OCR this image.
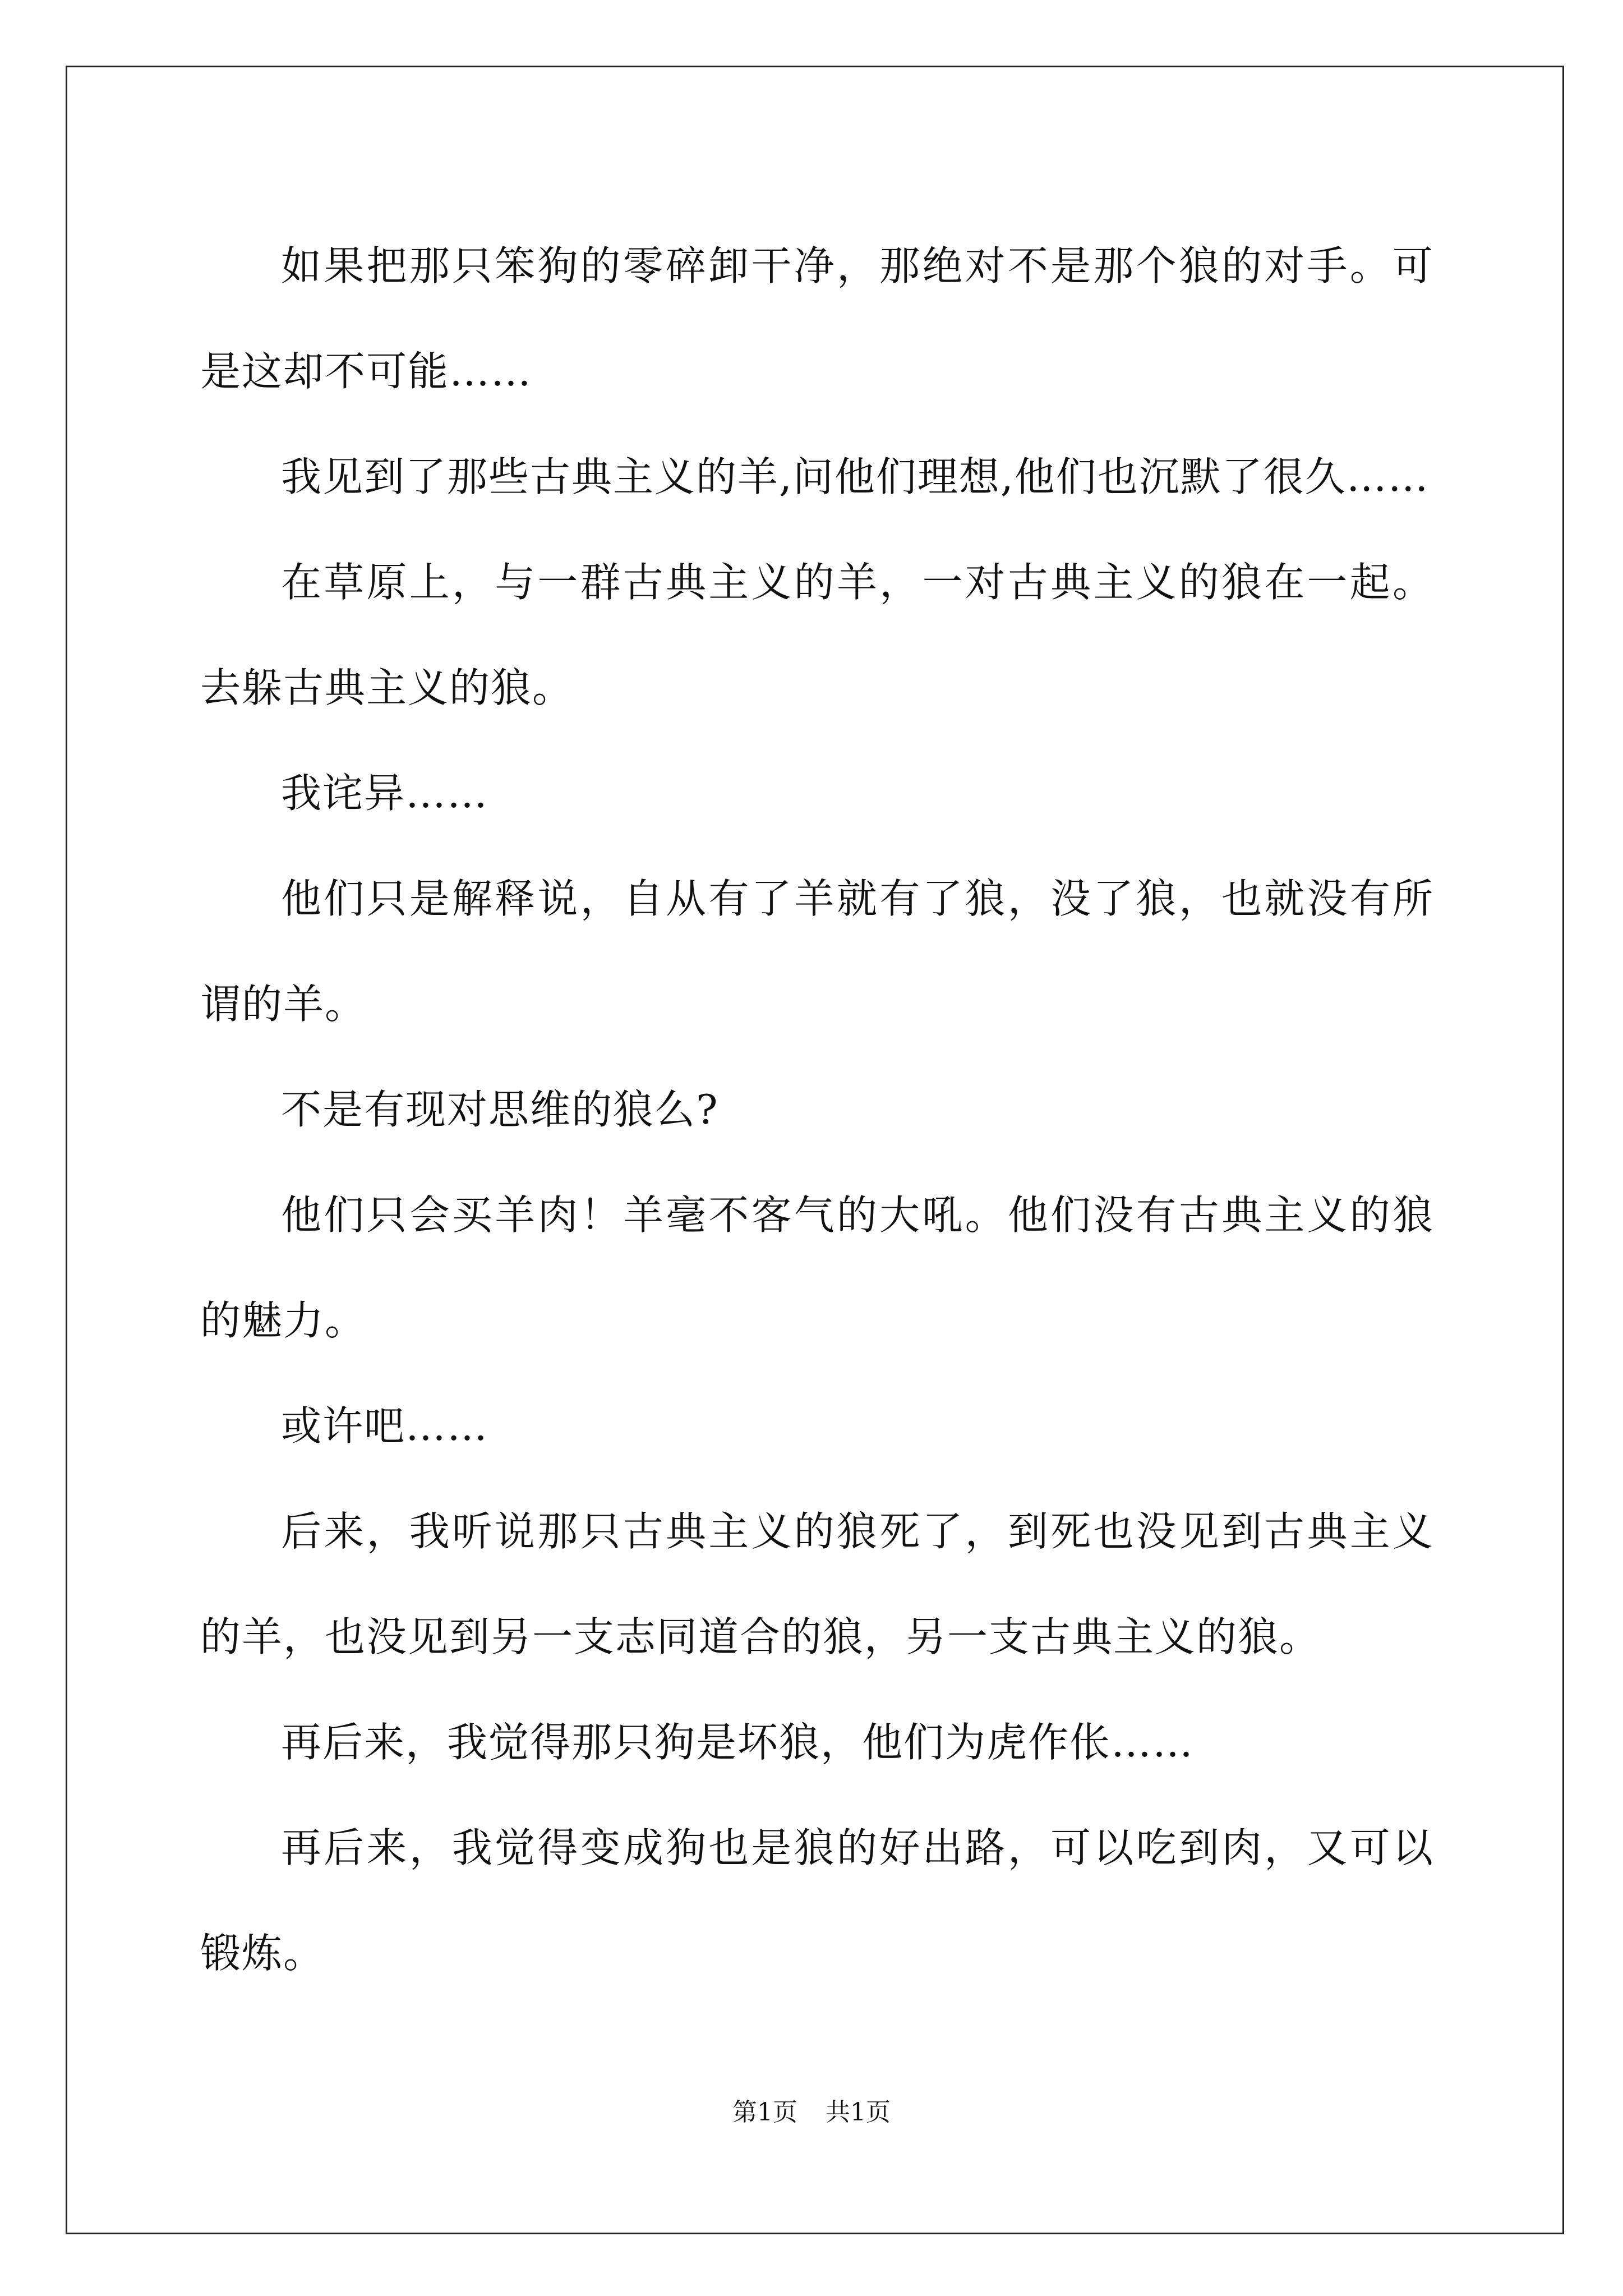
如果把那只笨狗的零碎卸干净，那绝对不是那个狼的对手。可是这却不可能……

我见到了那些古典主义的羊,问他们理想,他们也沉默了很久……

在草原上，与一群古典主义的羊，一对古典主义的狼在一起。去躲古典主义的狼。

我诧异……

他们只是解释说，自从有了羊就有了狼，没了狼，也就没有所谓的羊。

不是有现对思维的狼么?

他们只会买羊肉！羊毫不客气的大吼。他们没有古典主义的狼的魅力。

或许吧……

后来，我听说那只古典主义的狼死了，到死也没见到古典主义的羊，也没见到另一支志同道合的狼，另一支古典主义的狼。

再后来，我觉得那只狗是坏狼，他们为虎作伥……

再后来，我觉得变成狗也是狼的好出路，可以吃到肉，又可以锻炼。

第1页 共1页
